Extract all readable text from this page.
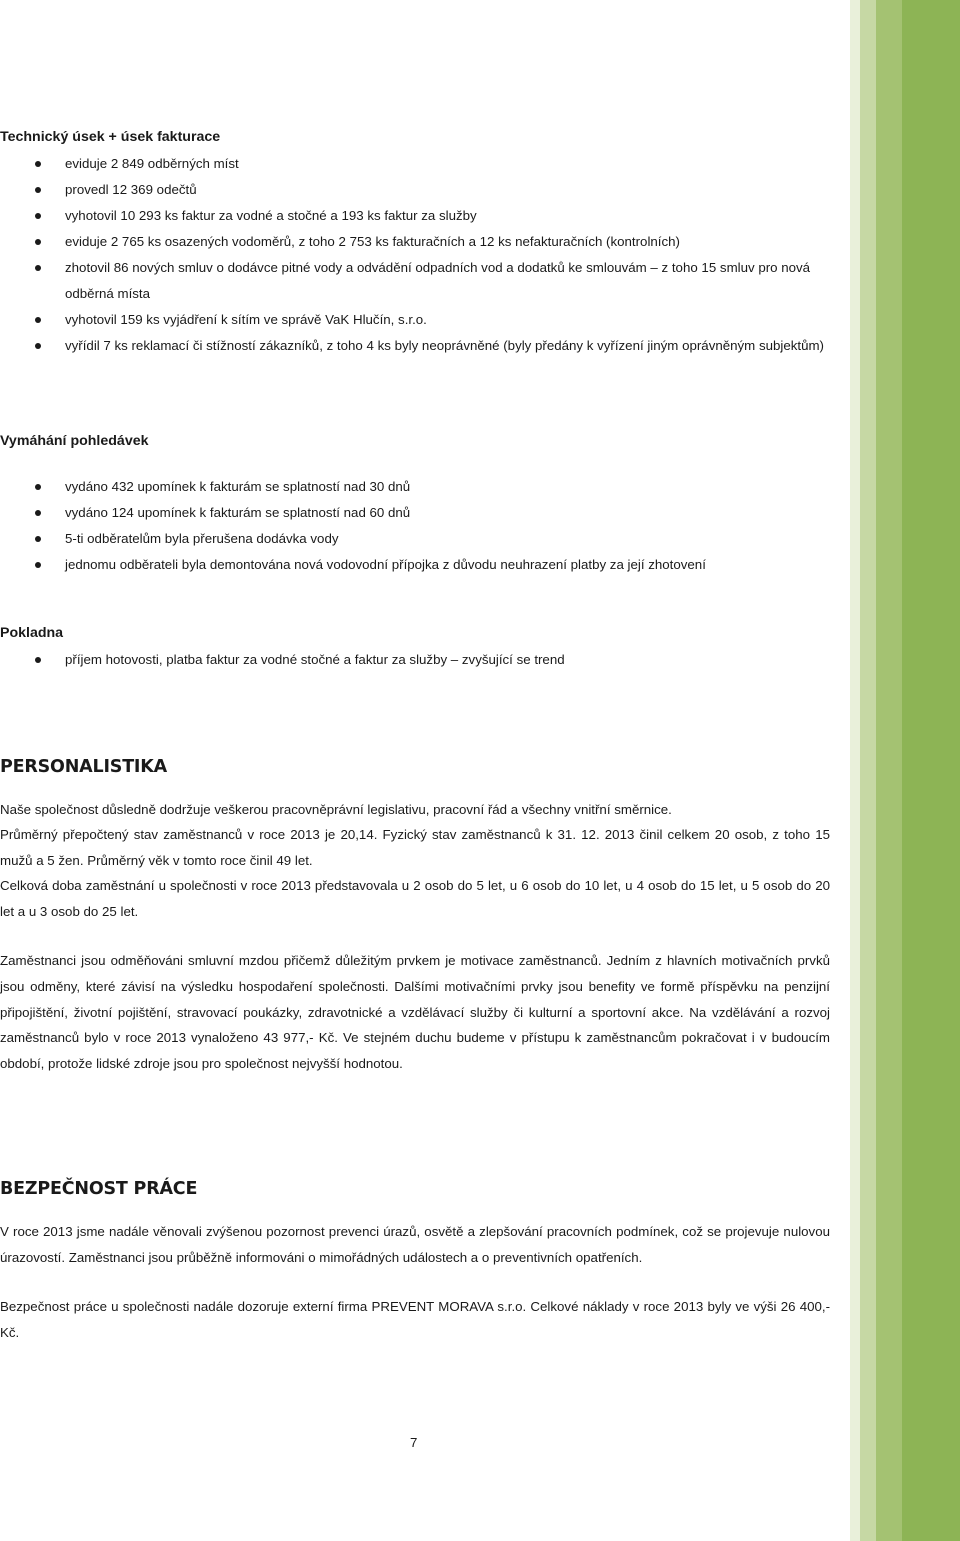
Technický úsek + úsek fakturace
eviduje 2 849 odběrných míst
provedl 12 369 odečtů
vyhotovil 10 293 ks faktur za vodné a stočné a 193 ks faktur za služby
eviduje 2 765 ks osazených vodoměrů, z toho 2 753 ks fakturačních a 12 ks nefakturačních (kontrolních)
zhotovil 86 nových smluv o dodávce pitné vody a odvádění odpadních vod a dodatků ke smlouvám – z toho 15 smluv pro nová odběrná místa
vyhotovil 159 ks vyjádření k sítím ve správě VaK Hlučín, s.r.o.
vyřídil 7 ks reklamací či stížností zákazníků, z toho 4 ks byly neoprávněné (byly předány k vyřízení jiným oprávněným subjektům)
Vymáhání pohledávek
vydáno 432 upomínek k fakturám se splatností nad 30 dnů
vydáno 124 upomínek k fakturám se splatností nad 60 dnů
5-ti odběratelům byla přerušena dodávka vody
jednomu odběrateli byla demontována nová vodovodní přípojka z důvodu neuhrazení platby za její zhotovení
Pokladna
příjem hotovosti, platba faktur za vodné stočné a faktur za služby – zvyšující se trend
PERSONALISTIKA

Naše společnost důsledně dodržuje veškerou pracovněprávní legislativu, pracovní řád a všechny vnitřní směrnice.

Průměrný přepočtený stav zaměstnanců v roce 2013 je 20,14. Fyzický stav zaměstnanců k 31. 12. 2013 činil celkem 20 osob, z toho 15 mužů a 5 žen. Průměrný věk v tomto roce činil 49 let.

Celková doba zaměstnání u společnosti v roce 2013 představovala u 2 osob do 5 let, u 6 osob do 10 let, u 4 osob do 15 let, u 5 osob do 20 let a u 3 osob do 25 let.

Zaměstnanci jsou odměňováni smluvní mzdou přičemž důležitým prvkem je motivace zaměstnanců. Jedním z hlavních motivačních prvků jsou odměny, které závisí na výsledku hospodaření společnosti. Dalšími motivačními prvky jsou benefity ve formě příspěvku na penzijní připojištění, životní pojištění, stravovací poukázky, zdravotnické a vzdělávací služby či kulturní a sportovní akce. Na vzdělávání a rozvoj zaměstnanců bylo v roce 2013 vynaloženo 43 977,- Kč. Ve stejném duchu budeme v přístupu k zaměstnancům pokračovat i v budoucím období, protože lidské zdroje jsou pro společnost nejvyšší hodnotou.

BEZPEČNOST PRÁCE

V roce 2013 jsme nadále věnovali zvýšenou pozornost prevenci úrazů, osvětě a zlepšování pracovních podmínek, což se projevuje nulovou úrazovostí. Zaměstnanci jsou průběžně informováni o mimořádných událostech a o preventivních opatřeních.

Bezpečnost práce u společnosti nadále dozoruje externí firma PREVENT MORAVA s.r.o. Celkové náklady v roce 2013 byly ve výši 26 400,- Kč.

7
